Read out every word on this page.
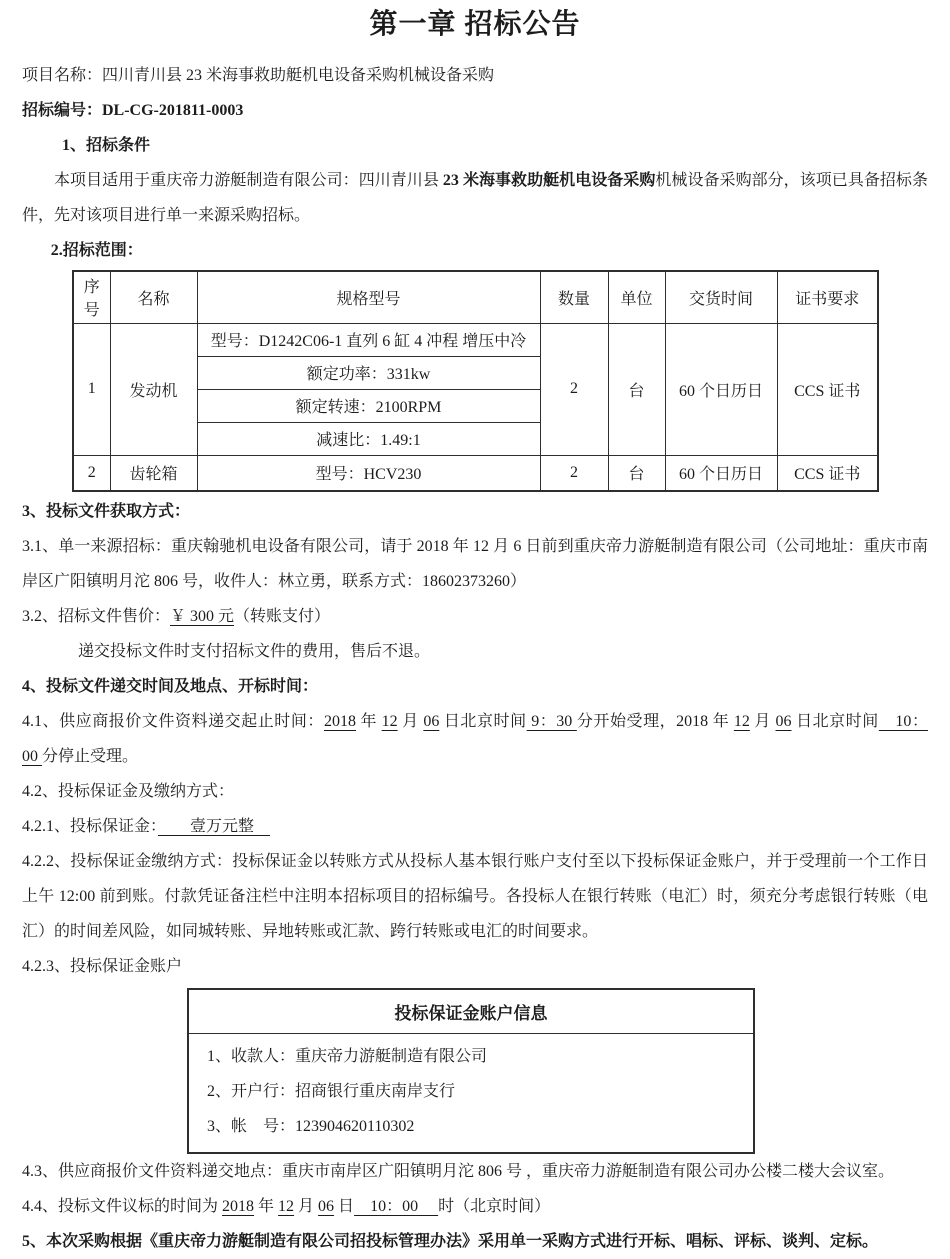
第一章 招标公告

项目名称：四川青川县 23 米海事救助艇机电设备采购机械设备采购

招标编号：DL-CG-201811-0003

1、招标条件

本项目适用于重庆帝力游艇制造有限公司：四川青川县 23 米海事救助艇机电设备采购机械设备采购部分，该项已具备招标条件，先对该项目进行单一来源采购招标。

2.招标范围：

序号	名称	规格型号	数量	单位	交货时间	证书要求
1	发动机	型号：D1242C06-1 直列 6 缸 4 冲程 增压中冷	2	台	60 个日历日	CCS 证书
		额定功率：331kw				
		额定转速：2100RPM				
		减速比：1.49:1				
2	齿轮箱	型号：HCV230	2	台	60 个日历日	CCS 证书

3、投标文件获取方式：

3.1、单一来源招标：重庆翰驰机电设备有限公司，请于 2018 年 12 月 6 日前到重庆帝力游艇制造有限公司（公司地址：重庆市南岸区广阳镇明月沱 806 号，收件人：林立勇，联系方式：18602373260）

3.2、招标文件售价：￥ 300 元（转账支付）

递交投标文件时支付招标文件的费用，售后不退。

4、投标文件递交时间及地点、开标时间：

4.1、供应商报价文件资料递交起止时间：2018 年 12 月 06 日北京时间 9：30 分开始受理，2018 年 12 月 06 日北京时间　10：00 分停止受理。

4.2、投标保证金及缴纳方式：

4.2.1、投标保证金：　　壹万元整　

4.2.2、投标保证金缴纳方式：投标保证金以转账方式从投标人基本银行账户支付至以下投标保证金账户，并于受理前一个工作日上午 12:00 前到账。付款凭证备注栏中注明本招标项目的招标编号。各投标人在银行转账（电汇）时，须充分考虑银行转账（电汇）的时间差风险，如同城转账、异地转账或汇款、跨行转账或电汇的时间要求。

4.2.3、投标保证金账户

投标保证金账户信息

1、收款人：重庆帝力游艇制造有限公司

2、开户行：招商银行重庆南岸支行

3、帐　号：123904620110302

4.3、供应商报价文件资料递交地点：重庆市南岸区广阳镇明月沱 806 号 ，重庆帝力游艇制造有限公司办公楼二楼大会议室。

4.4、投标文件议标的时间为 2018 年 12 月 06 日　10：00　 时（北京时间）

5、本次采购根据《重庆帝力游艇制造有限公司招投标管理办法》采用单一采购方式进行开标、唱标、评标、谈判、定标。
